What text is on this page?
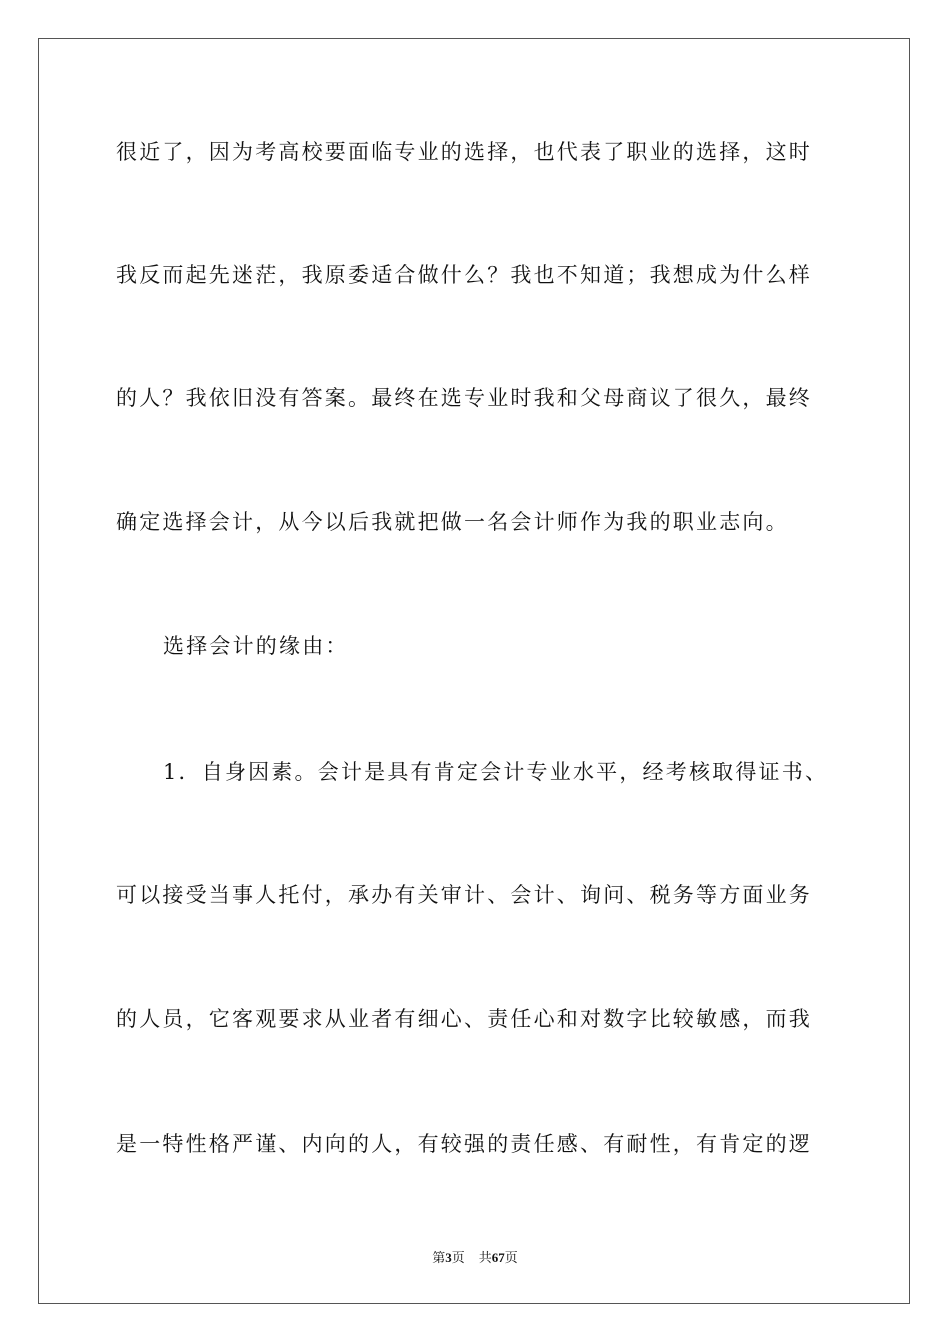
很近了，因为考高校要面临专业的选择，也代表了职业的选择，这时
我反而起先迷茫，我原委适合做什么？我也不知道；我想成为什么样
的人？我依旧没有答案。最终在选专业时我和父母商议了很久，最终
确定选择会计，从今以后我就把做一名会计师作为我的职业志向。
选择会计的缘由：
1．自身因素。会计是具有肯定会计专业水平，经考核取得证书、
可以接受当事人托付，承办有关审计、会计、询问、税务等方面业务
的人员，它客观要求从业者有细心、责任心和对数字比较敏感，而我
是一特性格严谨、内向的人，有较强的责任感、有耐性，有肯定的逻
第3页 共67页
